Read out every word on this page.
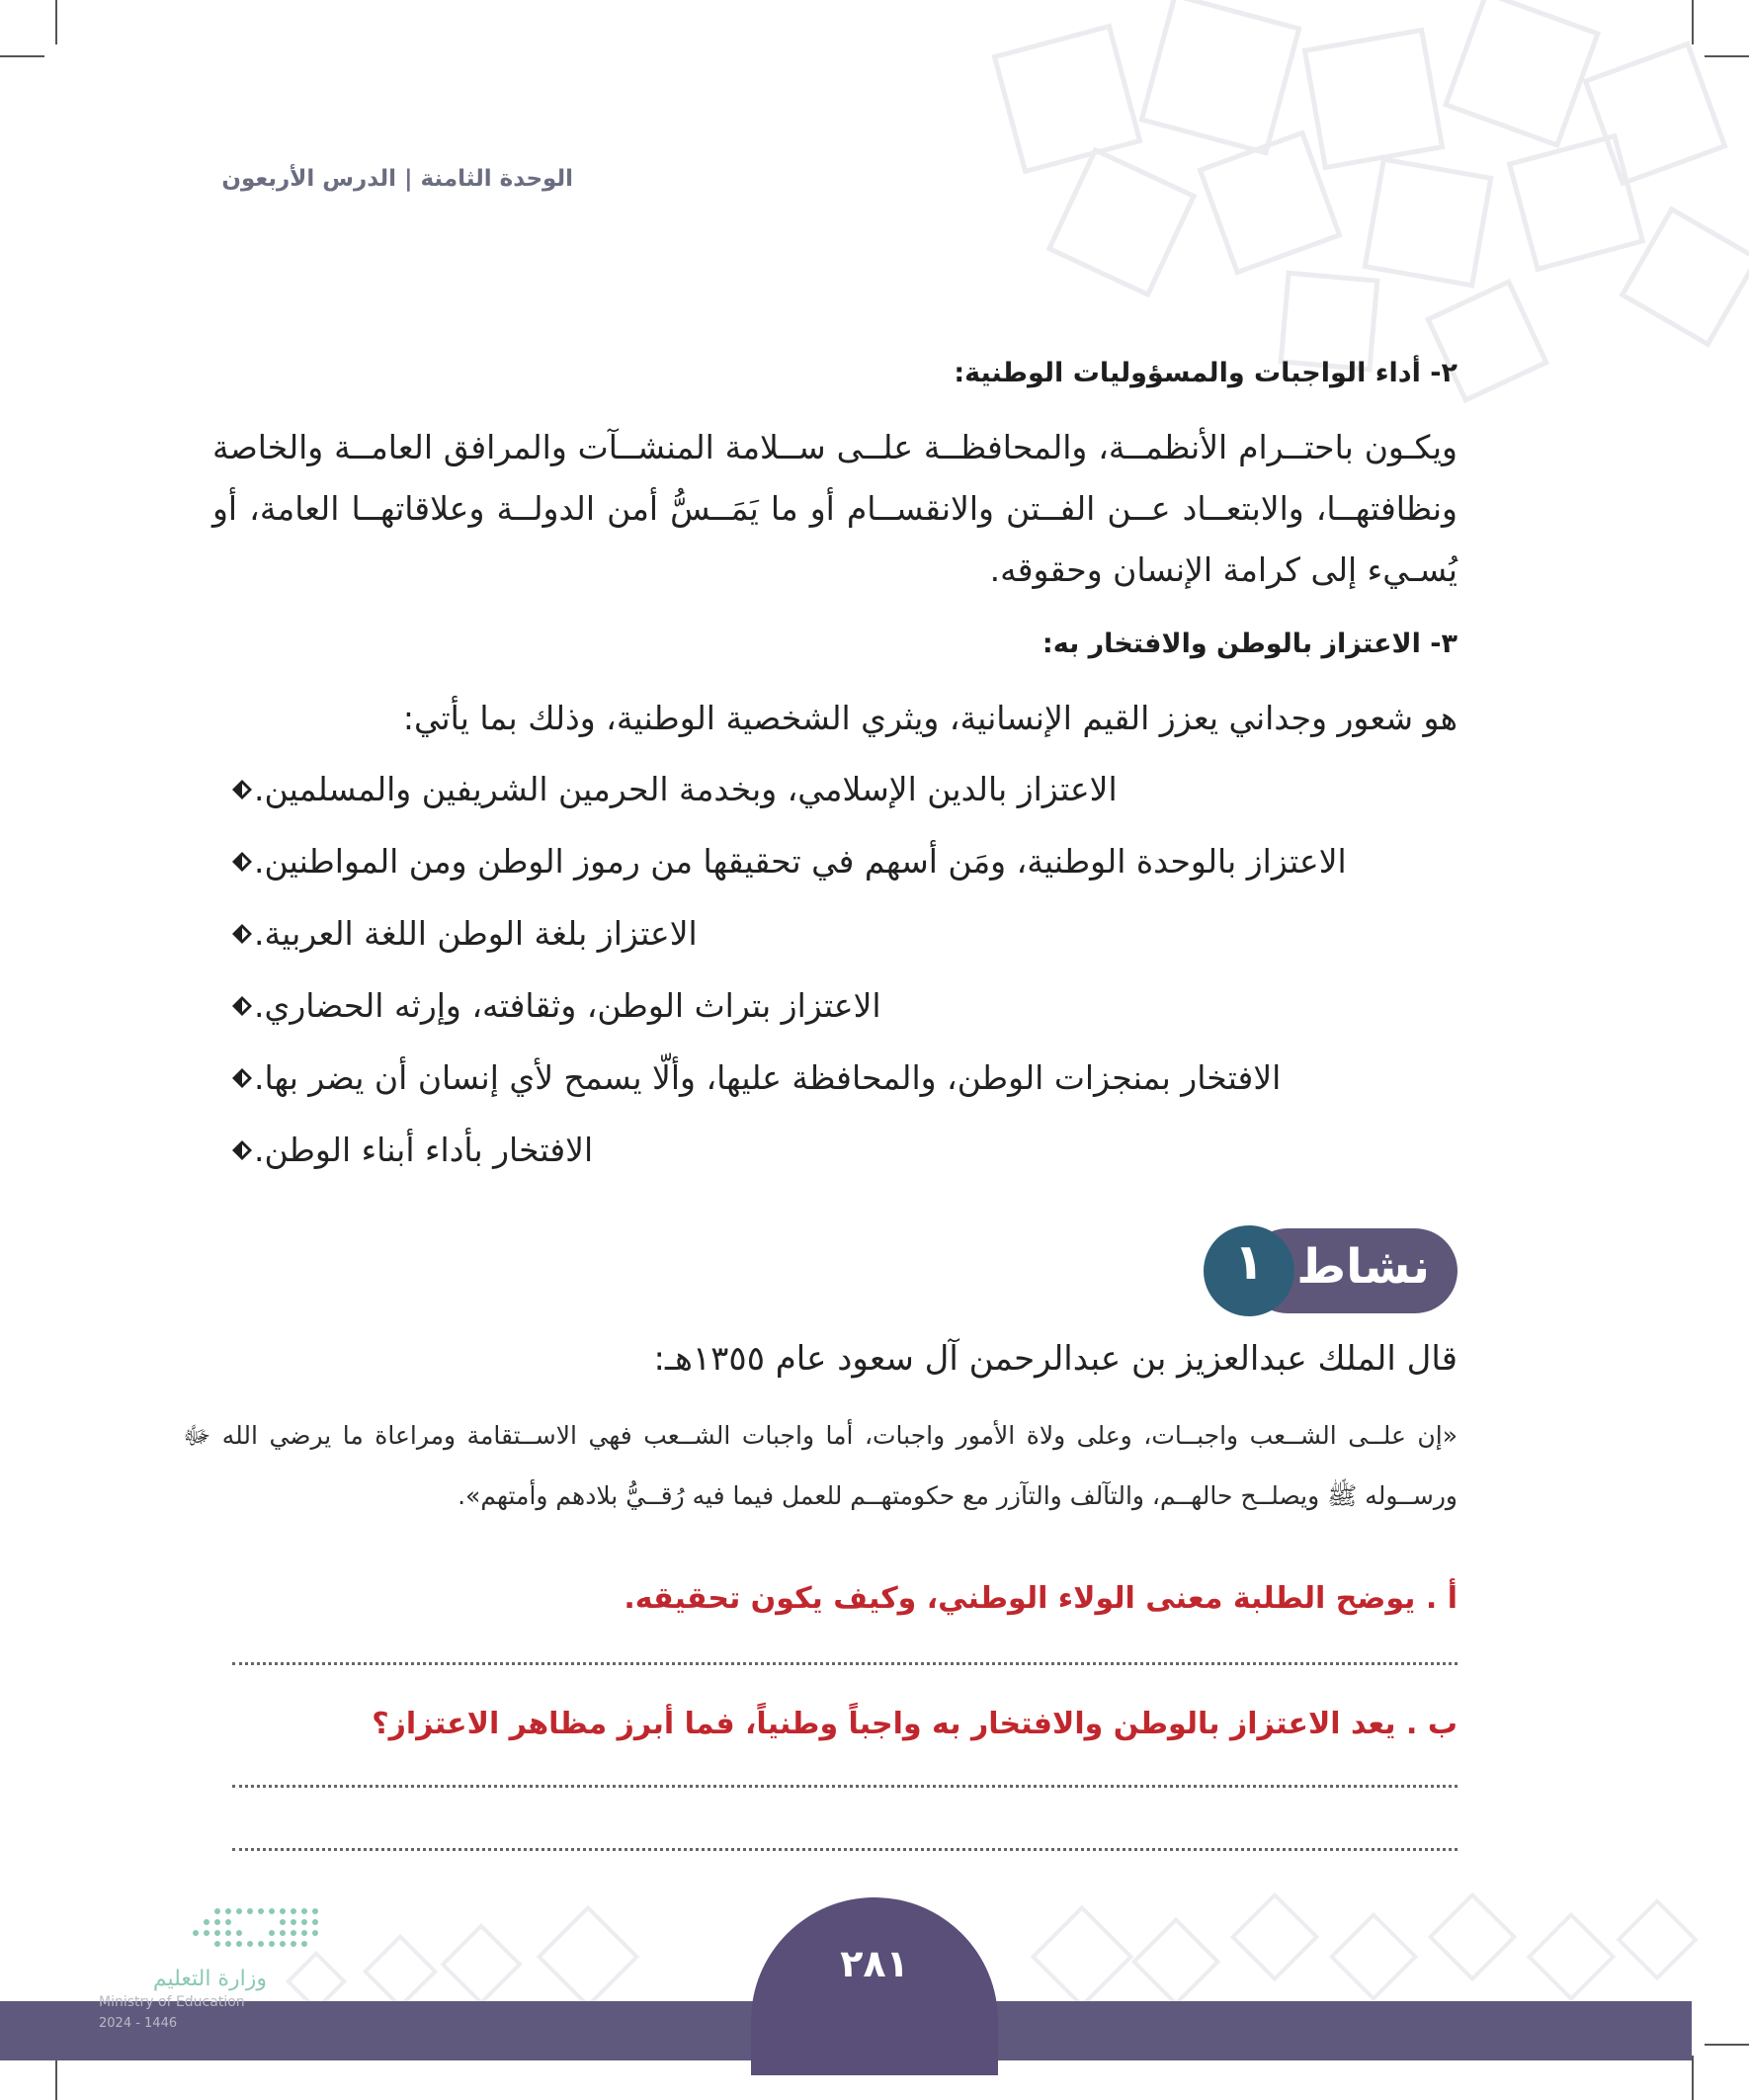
الوحدة الثامنة | الدرس الأربعون
٢- أداء الواجبات والمسؤوليات الوطنية:
ويكـون باحتــرام الأنظمــة، والمحافظــة علــى ســلامة المنشــآت والمرافق العامــة والخاصة ونظافتهــا، والابتعــاد عــن الفــتن والانقســام أو ما يَمَــسُّ أمن الدولــة وعلاقاتهــا العامة، أو يُسـيء إلى كرامة الإنسان وحقوقه.
٣- الاعتزاز بالوطن والافتخار به:
هو شعور وجداني يعزز القيم الإنسانية، ويثري الشخصية الوطنية، وذلك بما يأتي:
الاعتزاز بالدين الإسلامي، وبخدمة الحرمين الشريفين والمسلمين.
الاعتزاز بالوحدة الوطنية، ومَن أسهم في تحقيقها من رموز الوطن ومن المواطنين.
الاعتزاز بلغة الوطن اللغة العربية.
الاعتزاز بتراث الوطن، وثقافته، وإرثه الحضاري.
الافتخار بمنجزات الوطن، والمحافظة عليها، وألّا يسمح لأي إنسان أن يضر بها.
الافتخار بأداء أبناء الوطن.
نشاط
١
قال الملك عبدالعزيز بن عبدالرحمن آل سعود عام ١٣٥٥هـ:
«إن علــى الشــعب واجبــات، وعلى ولاة الأمور واجبات، أما واجبات الشــعب فهي الاســتقامة ومراعاة ما يرضي الله ﷻ ورســوله ﷺ ويصلــح حالهــم، والتآلف والتآزر مع حكومتهــم للعمل فيما فيه رُقــيُّ بلادهم وأمتهم».
أ . يوضح الطلبة معنى الولاء الوطني، وكيف يكون تحقيقه.
ب . يعد الاعتزاز بالوطن والافتخار به واجباً وطنياً، فما أبرز مظاهر الاعتزاز؟
٢٨١
وزارة التعليم
Ministry of Education
2024 - 1446
